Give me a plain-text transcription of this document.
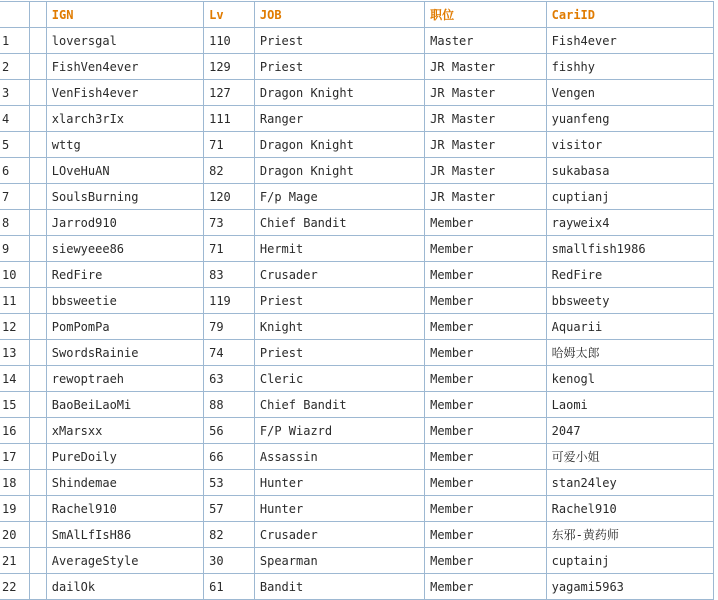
		IGN	Lv	JOB	职位	CariID
1		loversgal	110	Priest	Master	Fish4ever
2		FishVen4ever	129	Priest	JR Master	fishhy
3		VenFish4ever	127	Dragon Knight	JR Master	Vengen
4		xlarch3rIx	111	Ranger	JR Master	yuanfeng
5		wttg	71	Dragon Knight	JR Master	visitor
6		LOveHuAN	82	Dragon Knight	JR Master	sukabasa
7		SoulsBurning	120	F/p Mage	JR Master	cuptianj
8		Jarrod910	73	Chief Bandit	Member	rayweix4
9		siewyeee86	71	Hermit	Member	smallfish1986
10		RedFire	83	Crusader	Member	RedFire
11		bbsweetie	119	Priest	Member	bbsweety
12		PomPomPa	79	Knight	Member	Aquarii
13		SwordsRainie	74	Priest	Member	哈姆太郎
14		rewoptraeh	63	Cleric	Member	kenogl
15		BaoBeiLaoMi	88	Chief Bandit	Member	Laomi
16		xMarsxx	56	F/P Wiazrd	Member	2047
17		PureDoily	66	Assassin	Member	可爱小姐
18		Shindemae	53	Hunter	Member	stan24ley
19		Rachel910	57	Hunter	Member	Rachel910
20		SmAlLfIsH86	82	Crusader	Member	东邪-黄药师
21		AverageStyle	30	Spearman	Member	cuptainj
22		dailOk	61	Bandit	Member	yagami5963
